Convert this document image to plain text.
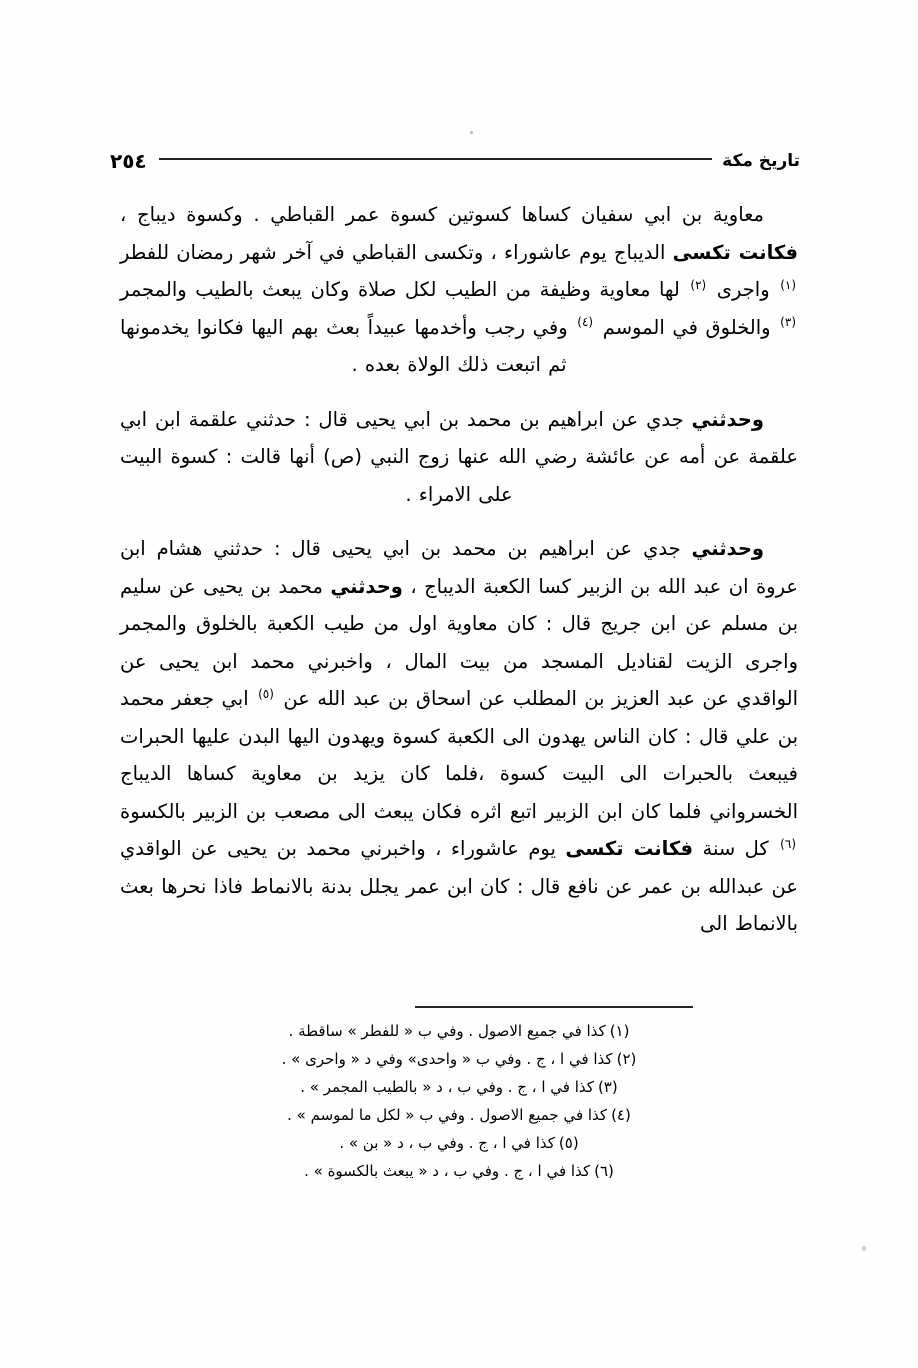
٢٥٤	تاريخ مكة

معاوية بن ابي سفيان كساها كسوتين كسوة عمر القباطي . وكسوة ديباج ، فكانت تكسى الديباج يوم عاشوراء ، وتكسى القباطي في آخر شهر رمضان للفطر $^{(١)}$ واجرى $^{(٢)}$ لها معاوية وظيفة من الطيب لكل صلاة وكان يبعث بالطيب والمجمر $^{(٣)}$ والخلوق في الموسم $^{(٤)}$ وفي رجب وأخدمها عبيداً بعث بهم اليها فكانوا يخدمونها ثم اتبعت ذلك الولاة بعده .

وحدثني جدي عن ابراهيم بن محمد بن ابي يحيى قال : حدثني علقمة ابن ابي علقمة عن أمه عن عائشة رضي الله عنها زوج النبي (ص) أنها قالت : كسوة البيت على الامراء .

وحدثني جدي عن ابراهيم بن محمد بن ابي يحيى قال : حدثني هشام ابن عروة ان عبد الله بن الزبير كسا الكعبة الديباج ، وحدثني محمد بن يحيى عن سليم بن مسلم عن ابن جريج قال : كان معاوية اول من طيب الكعبة بالخلوق والمجمر واجرى الزيت لقناديل المسجد من بيت المال ، واخبرني محمد ابن يحيى عن الواقدي عن عبد العزيز بن المطلب عن اسحاق بن عبد الله عن $^{(٥)}$ ابي جعفر محمد بن علي قال : كان الناس يهدون الى الكعبة كسوة ويهدون اليها البدن عليها الحبرات فيبعث بالحبرات الى البيت كسوة ،فلما كان يزيد بن معاوية كساها الديباج الخسرواني فلما كان ابن الزبير اتبع اثره فكان يبعث الى مصعب بن الزبير بالكسوة $^{(٦)}$ كل سنة فكانت تكسى يوم عاشوراء ، واخبرني محمد بن يحيى عن الواقدي عن عبدالله بن عمر عن نافع قال : كان ابن عمر يجلل بدنة بالانماط فاذا نحرها بعث بالانماط الى

(١)كذا في جميع الاصول . وفي ب « للفطر » ساقطة .
(٢)كذا في ا ، ج . وفي ب « واحدى» وفي د « واحرى » .
(٣)كذا في ا ، ج . وفي ب ، د « بالطيب المجمر » .
(٤)كذا في جميع الاصول . وفي ب « لكل ما لموسم » .
(٥)كذا في ا ، ج . وفي ب ، د « بن » .
(٦)كذا في ا ، ج . وفي ب ، د « يبعث بالكسوة » .
